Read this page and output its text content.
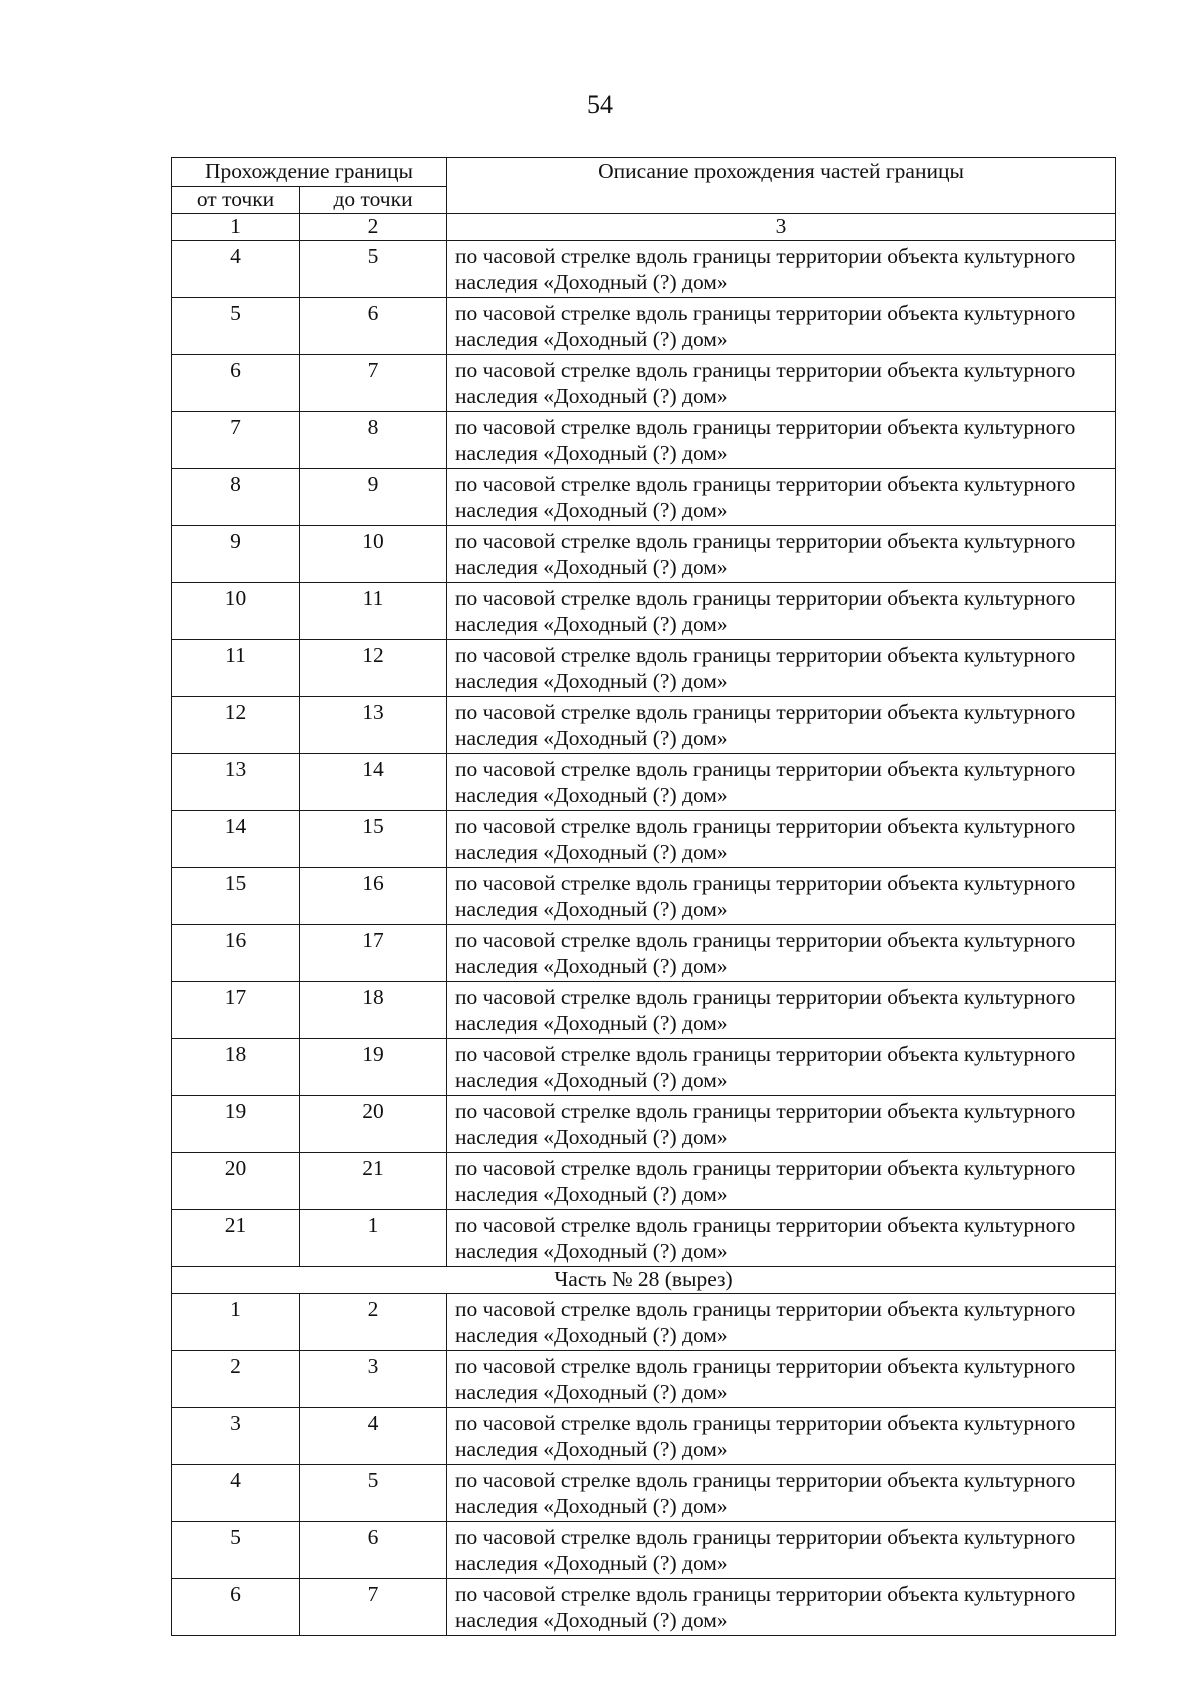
54
Прохождение границы		Описание прохождения частей границы
от точки	до точки	
1	2	3
4	5	по часовой стрелке вдоль границы территории объекта культурного наследия «Доходный (?) дом»
5	6	по часовой стрелке вдоль границы территории объекта культурного наследия «Доходный (?) дом»
6	7	по часовой стрелке вдоль границы территории объекта культурного наследия «Доходный (?) дом»
7	8	по часовой стрелке вдоль границы территории объекта культурного наследия «Доходный (?) дом»
8	9	по часовой стрелке вдоль границы территории объекта культурного наследия «Доходный (?) дом»
9	10	по часовой стрелке вдоль границы территории объекта культурного наследия «Доходный (?) дом»
10	11	по часовой стрелке вдоль границы территории объекта культурного наследия «Доходный (?) дом»
11	12	по часовой стрелке вдоль границы территории объекта культурного наследия «Доходный (?) дом»
12	13	по часовой стрелке вдоль границы территории объекта культурного наследия «Доходный (?) дом»
13	14	по часовой стрелке вдоль границы территории объекта культурного наследия «Доходный (?) дом»
14	15	по часовой стрелке вдоль границы территории объекта культурного наследия «Доходный (?) дом»
15	16	по часовой стрелке вдоль границы территории объекта культурного наследия «Доходный (?) дом»
16	17	по часовой стрелке вдоль границы территории объекта культурного наследия «Доходный (?) дом»
17	18	по часовой стрелке вдоль границы территории объекта культурного наследия «Доходный (?) дом»
18	19	по часовой стрелке вдоль границы территории объекта культурного наследия «Доходный (?) дом»
19	20	по часовой стрелке вдоль границы территории объекта культурного наследия «Доходный (?) дом»
20	21	по часовой стрелке вдоль границы территории объекта культурного наследия «Доходный (?) дом»
21	1	по часовой стрелке вдоль границы территории объекта культурного наследия «Доходный (?) дом»
Часть № 28 (вырез)		
1	2	по часовой стрелке вдоль границы территории объекта культурного наследия «Доходный (?) дом»
2	3	по часовой стрелке вдоль границы территории объекта культурного наследия «Доходный (?) дом»
3	4	по часовой стрелке вдоль границы территории объекта культурного наследия «Доходный (?) дом»
4	5	по часовой стрелке вдоль границы территории объекта культурного наследия «Доходный (?) дом»
5	6	по часовой стрелке вдоль границы территории объекта культурного наследия «Доходный (?) дом»
6	7	по часовой стрелке вдоль границы территории объекта культурного наследия «Доходный (?) дом»
